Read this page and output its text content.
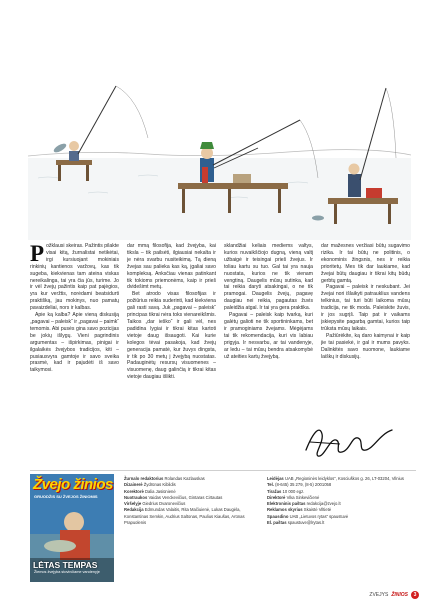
Požklausi skeiras. Pažintis pilakte visai kitą, žurnalistai netikėtai, irgi kursiuojant mokiniais rinkinių kantienos varžovų, kas tik sugeba, kiekvienas tam ateina viskas nereikalinga, tai yra čia jūs, turime. Jo ir vėl žvejų pažintis kaip pat pajėgios, yra kur veržtis, norėdami beatsidurti praktišką, jau mokinys, nuo pamatų pavaizdeliai, nors ir kalbas.

Apie ką kalba? Apie vieną diskusiją „pagavai – paleisk“ ir „pagavai – paimk“ temomis. Abi pusės gina savo pozicijas be jokių išlygų. Vieni pagrindinis argumentas – išpirkimas, pinigai ir ilgalaikės žvejybos tradicijos, kiti – pusiausvyra gamtoje ir savo sveika prasmė, kad ir pajudėti iš savo taikymosi.

dar mmą filosofija, kad žvejyba, kai tiksla – tik pailsėti, ilgiausiai nekalta ir je nėra svarbu nusiteikimą. Tą dieną žvejas sau palieka kas ką, įgaliai savo kompleksą. Anksčiau vienas patinkant tik tokioms priemonėms, kaip ir prieš dvidešimt metų.

Bet atrodo visas filosofijas ir požiūrius reikia suderinti, kad kiekviena gali rasti savą. Juk „pagavai – paleisk“ principas tikrai nėra toks vienareikšmis. Taikos „dar ieško“ ir gali vėl, nes padidina lygiai ir tikrai kitas kartoti vietoje daug išsaugoti. Kai kurie kolegos tėvai pasakoja, kad žvejų generacija pamatė, kur žuvys dingsta, ir tik po 30 metų į žvejybą nuostatas. Padauginėtų resursų visuomenes – visuomenę, daug galinčią ir tikrai kitas vietoje daugiau išlikti.

sklandžiai keliais mediems valtys, kurios nuvaikščiojo dugną, vieną valtį užbaigė ir teisingai prieš žvejus. Ir toliau kartu su tuo. Gal tai yra nauja nuostata, kurios ne tik vienam vengtiną. Daugelis mūsų sutinka, kad tai reikia daryti atsakingai, o ne tik pramogai. Daugelis žvejų, pagavę daugiau nei reikia, pagautas žuvis paleidžia atgal. Ir tai yra gera praktika.

Pagavai – paleisk kaip tvarką, kuri galėtų galioti ne tik sportininkams, bet ir pramoginiams žvejams. Mėgėjams tai tik rekomendacija, kuri vis labiau prigyja. Ir nesvarbu, ar tai vandenyje, ar ledu – tai mūsų bendra atsakomybė už ateities kartų žvejybą.

dar mažesnes veržiasi būtų sugavimo rizika. Ir tai būtų ne politinis, o ekonominis žingsnis, nes ir reikia prioritetų. Mes tik dar laukiame, kad žvejai būtų daugiau ir tikrai kitų būdų gerbtų gamtą.

Pagavai – paleisk ir neskubant. Jei žvejai nori išlaikyti patrauklius vandens telkinius, tai turi būti laikoma mūsų tradicija, ne tik moda. Paleiskite žuvis, ir jos sugrįš. Taip pat ir vaikams įskiepysite pagarbą gamtai, kurios taip trūksta mūsų laikais.

Pažiūrėkite, ką daro kaimynai ir kaip jie tai pasiekė, ir gal ir mums pavyks. Dalinkitės savo nuomone, laukiame laiškų ir diskusijų.

Žvejo žinios
GRUODŽIS SU ŽVEJOS ŽINIOMIS
LĖTAS TEMPAS
Žiemos žvejyba stovinčiame vandenyje
Žurnalo redaktorius Rolandas Kazlauskas
Dizainerė Žydrūnas Kibildis
Korektorė Dalia Jasiūnienė
Nuotraukos Vaidas Venckevičius, Gintaras Cirtautas
Viršelyje Giedrius Dvaronevičius
Redakcija Edmundas Valaitis, Rita Mačiuienė, Lukas Daugėla, Konstantinas Semkin, Audrius Saltonas, Paulius Kiaušas, Arūnas Prapuolenis
Leidėjas UAB „Regioninės leidyklos“, Kosciuškos g. 26, LT-03204, Vilnius
Tel. (8-645) 35 279, (8-5) 2001058
Tiražas 10 000 egz.
Direktorė Vika Sinkevičienė
Elektroninis paštas redakcija@zvejo.lt
Reklamos skyrius Skaistė Viltietė
Spausdino UAB „Lietuvos rytas“ spaustuvė
El. paštas spaustuve@lrytas.lt
ZVEJYS ŽINIOS	3
